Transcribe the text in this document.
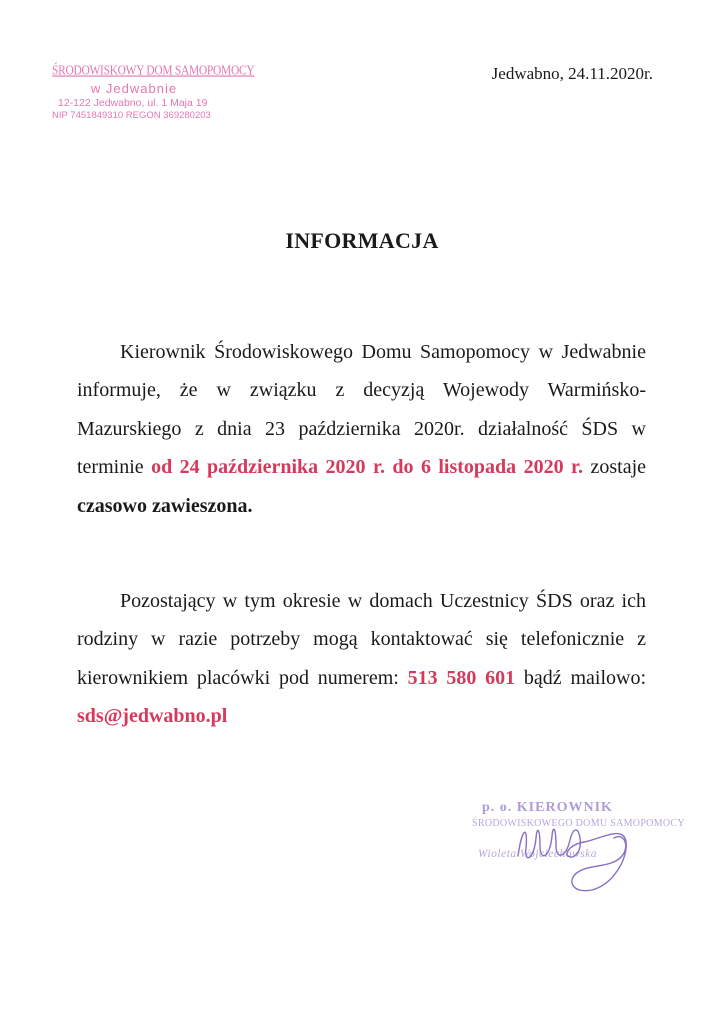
ŚRODOWISKOWY DOM SAMOPOMOCY
w Jedwabnie
12-122 Jedwabno, ul. 1 Maja 19
NIP 7451849310 REGON 369280203
Jedwabno, 24.11.2020r.
INFORMACJA
Kierownik Środowiskowego Domu Samopomocy w Jedwabnie informuje, że w związku z decyzją Wojewody Warmińsko-Mazurskiego z dnia 23 października 2020r. działalność ŚDS w terminie od 24 października 2020 r. do 6 listopada 2020 r. zostaje czasowo zawieszona.
Pozostający w tym okresie w domach Uczestnicy ŚDS oraz ich rodziny w razie potrzeby mogą kontaktować się telefonicznie z kierownikiem placówki pod numerem: 513 580 601 bądź mailowo: sds@jedwabno.pl
p. o. KIEROWNIK
ŚRODOWISKOWEGO DOMU SAMOPOMOCY
Wioleta Wojciechowska
